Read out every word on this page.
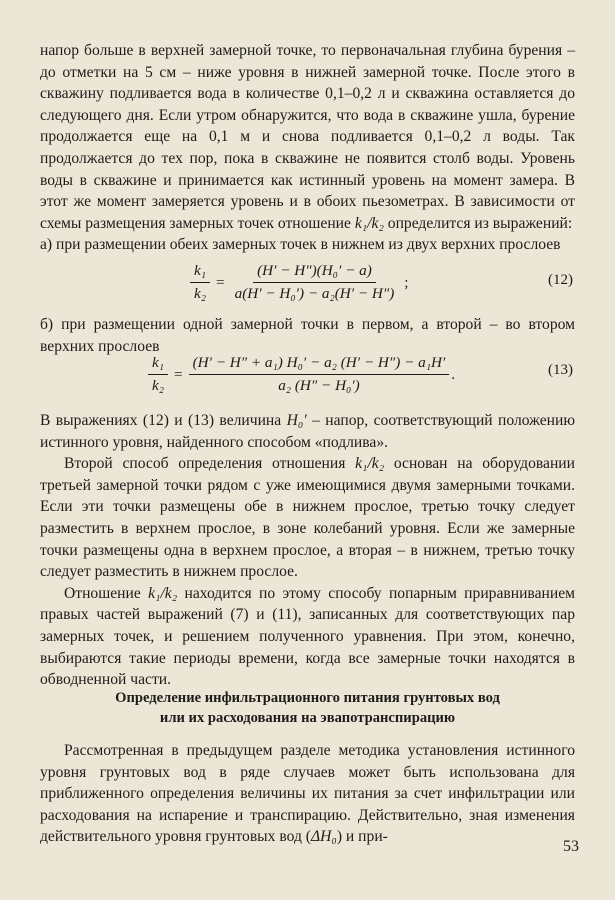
напор больше в верхней замерной точке, то первоначальная глубина бурения – до отметки на 5 см – ниже уровня в нижней замерной точке. После этого в скважину подливается вода в количестве 0,1–0,2 л и скважина оставляется до следующего дня. Если утром обнаружится, что вода в скважине ушла, бурение продолжается еще на 0,1 м и снова подливается 0,1–0,2 л воды. Так продолжается до тех пор, пока в скважине не появится столб воды. Уровень воды в скважине и принимается как истинный уровень на момент замера. В этот же момент замеряется уровень и в обоих пьезометрах. В зависимости от схемы размещения замерных точек отношение k₁/k₂ определится из выражений:

а) при размещении обеих замерных точек в нижнем из двух верхних прослоев

$\frac{\text{k₁}}{\text{k₂}} = \frac{\text{(H′ − H″)(H₀′ − a)}}{\text{a(H′ − H₀′) − a₂(H′ − H″)}}$ ;	(12)

б) при размещении одной замерной точки в первом, а второй – во втором верхних прослоев

$\frac{\text{k₁}}{\text{k₂}} = \frac{\text{(H′ − H″ + a₁) H₀′ − a₂ (H′ − H″) − a₁H′}}{\text{a₂ (H″ − H₀′)}}$ .	(13)

В выражениях (12) и (13) величина H₀′ – напор, соответствующий положению истинного уровня, найденного способом «подлива».

Второй способ определения отношения k₁/k₂ основан на оборудовании третьей замерной точки рядом с уже имеющимися двумя замерными точками. Если эти точки размещены обе в нижнем прослое, третью точку следует разместить в верхнем прослое, в зоне колебаний уровня. Если же замерные точки размещены одна в верхнем прослое, а вторая – в нижнем, третью точку следует разместить в нижнем прослое.

Отношение k₁/k₂ находится по этому способу попарным приравниванием правых частей выражений (7) и (11), записанных для соответствующих пар замерных точек, и решением полученного уравнения. При этом, конечно, выбираются такие периоды времени, когда все замерные точки находятся в обводненной части.

Определение инфильтрационного питания грунтовых вод
или их расходования на эвапотранспирацию

Рассмотренная в предыдущем разделе методика установления истинного уровня грунтовых вод в ряде случаев может быть использована для приближенного определения величины их питания за счет инфильтрации или расходования на испарение и транспирацию. Действительно, зная изменения действительного уровня грунтовых вод (ΔH₀) и при-

53
